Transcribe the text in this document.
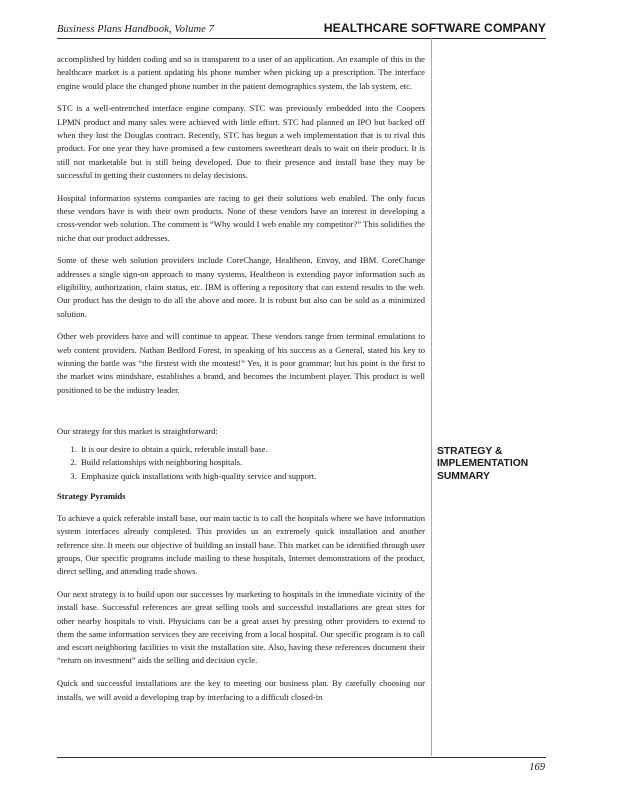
Business Plans Handbook, Volume 7	HEALTHCARE SOFTWARE COMPANY

accomplished by hidden coding and so is transparent to a user of an application. An example of this in the healthcare market is a patient updating his phone number when picking up a prescription. The interface engine would place the changed phone number in the patient demographics system, the lab system, etc.

STC is a well-entrenched interface engine company. STC was previously embedded into the Coopers LPMN product and many sales were achieved with little effort. STC had planned an IPO but backed off when they lost the Douglas contract. Recently, STC has begun a web implementation that is to rival this product. For one year they have promised a few customers sweetheart deals to wait on their product. It is still not marketable but is still being developed. Due to their presence and install base they may be successful in getting their customers to delay decisions.

Hospital information systems companies are racing to get their solutions web enabled. The only focus these vendors have is with their own products. None of these vendors have an interest in developing a cross-vendor web solution. The comment is “Why would I web enable my competitor?” This solidifies the niche that our product addresses.

Some of these web solution providers include CoreChange, Healtheon, Envoy, and IBM. CoreChange addresses a single sign-on approach to many systems, Healtheon is extending payor information such as eligibility, authorization, claim status, etc. IBM is offering a repository that can extend results to the web. Our product has the design to do all the above and more. It is robust but also can be sold as a minimized solution.

Other web providers have and will continue to appear. These vendors range from terminal emulations to web content providers. Nathan Bedford Forest, in speaking of his success as a General, stated his key to winning the battle was “the firstest with the mostest!” Yes, it is poor grammar; but his point is the first to the market wins mindshare, establishes a brand, and becomes the incumbent player. This product is well positioned to be the industry leader.

Our strategy for this market is straightforward:

1. It is our desire to obtain a quick, referable install base.
2. Build relationships with neighboring hospitals.
3. Emphasize quick installations with high-quality service and support.
Strategy Pyramids

To achieve a quick referable install base, our main tactic is to call the hospitals where we have information system interfaces already completed. This provides us an extremely quick installation and another reference site. It meets our objective of building an install base. This market can be identified through user groups. Our specific programs include mailing to these hospitals, Internet demonstrations of the product, direct selling, and attending trade shows.

Our next strategy is to build upon our successes by marketing to hospitals in the immediate vicinity of the install base. Successful references are great selling tools and successful installations are great sites for other nearby hospitals to visit. Physicians can be a great asset by pressing other providers to extend to them the same information services they are receiving from a local hospital. Our specific program is to call and escort neighboring facilities to visit the installation site. Also, having these references document their “return on investment” aids the selling and decision cycle.

Quick and successful installations are the key to meeting our business plan. By carefully choosing our installs, we will avoid a developing trap by interfacing to a difficult closed-in

STRATEGY & IMPLEMENTATION SUMMARY
169
